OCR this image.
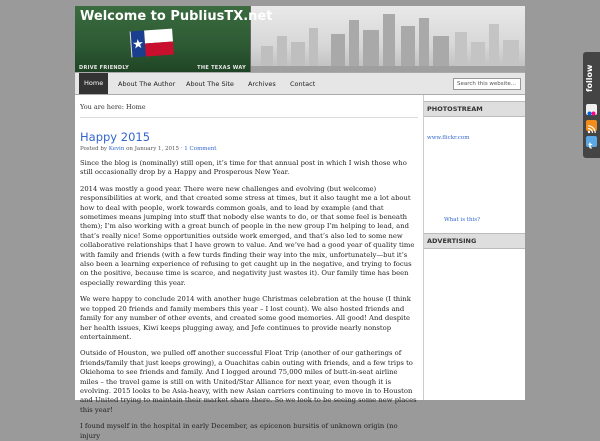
Welcome to PubliusTX.net
DRIVE FRIENDLY	THE TEXAS WAY
Home	About The Author	About The Site	Archives	Contact	Search this website...
You are here: Home
Happy 2015
Posted by Kevin on January 1, 2015 · 1 Comment
Since the blog is (nominally) still open, it’s time for that annual post in which I wish those who still occasionally drop by a Happy and Prosperous New Year.
2014 was mostly a good year. There were new challenges and evolving (but welcome) responsibilities at work, and that created some stress at times, but it also taught me a lot about how to deal with people, work towards common goals, and to lead by example (and that sometimes means jumping into stuff that nobody else wants to do, or that some feel is beneath them); I’m also working with a great bunch of people in the new group I’m helping to lead, and that’s really nice! Some opportunities outside work emerged, and that’s also led to some new collaborative relationships that I have grown to value. And we’ve had a good year of quality time with family and friends (with a few turds finding their way into the mix, unfortunately—but it’s also been a learning experience of refusing to get caught up in the negative, and trying to focus on the positive, because time is scarce, and negativity just wastes it). Our family time has been especially rewarding this year.
We were happy to conclude 2014 with another huge Christmas celebration at the house (I think we topped 20 friends and family members this year – I lost count). We also hosted friends and family for any number of other events, and created some good memories. All good! And despite her health issues, Kiwi keeps plugging away, and Jefe continues to provide nearly nonstop entertainment.
Outside of Houston, we pulled off another successful Float Trip (another of our gatherings of friends/family that just keeps growing), a Ouachitas cabin outing with friends, and a few trips to Okiehoma to see friends and family. And I logged around 75,000 miles of butt-in-seat airline miles – the travel game is still on with United/Star Alliance for next year, even though it is evolving. 2015 looks to be Asia-heavy, with new Asian carriers continuing to move in to Houston and United trying to maintain their market share there. So we look to be seeing some new places this year!
I found myself in the hospital in early December, as epicenon bursitis of unknown origin (no injury
PHOTOSTREAM
www.flickr.com
What is this?
ADVERTISING
follow
t
